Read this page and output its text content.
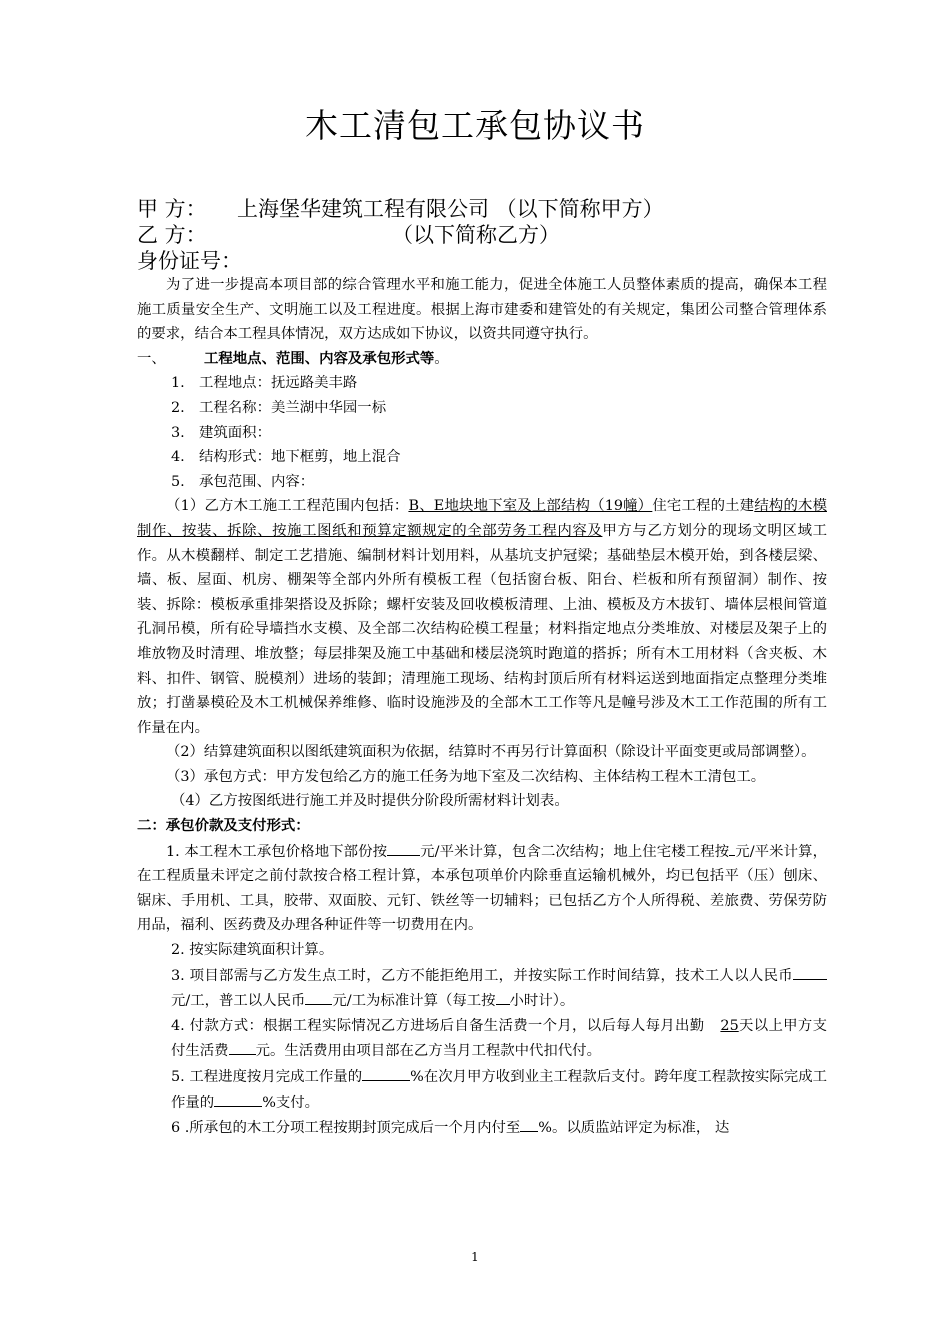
木工清包工承包协议书
甲 方： 上海堡华建筑工程有限公司 （以下简称甲方）
乙 方：	（以下简称乙方）
身份证号：

为了进一步提高本项目部的综合管理水平和施工能力，促进全体施工人员整体素质的提高，确保本工程施工质量安全生产、文明施工以及工程进度。根据上海市建委和建管处的有关规定，集团公司整合管理体系的要求，结合本工程具体情况，双方达成如下协议，以资共同遵守执行。

一、	工程地点、范围、内容及承包形式等。

1. 工程地点：抚远路美丰路

2. 工程名称：美兰湖中华园一标

3. 建筑面积：

4. 结构形式：地下框剪，地上混合

5. 承包范围、内容：

（1）乙方木工施工工程范围内包括：B、E地块地下室及上部结构（19幢）住宅工程的土建结构的木模制作、按装、拆除、按施工图纸和预算定额规定的全部劳务工程内容及甲方与乙方划分的现场文明区域工作。从木模翻样、制定工艺措施、编制材料计划用料，从基坑支护冠梁；基础垫层木模开始，到各楼层梁、墙、板、屋面、机房、棚架等全部内外所有模板工程（包括窗台板、阳台、栏板和所有预留洞）制作、按装、拆除：模板承重排架搭设及拆除；螺杆安装及回收模板清理、上油、模板及方木拔钉、墙体层根间管道孔洞吊模，所有砼导墙挡水支模、及全部二次结构砼模工程量；材料指定地点分类堆放、对楼层及架子上的堆放物及时清理、堆放整；每层排架及施工中基础和楼层浇筑时跑道的搭拆；所有木工用材料（含夹板、木料、扣件、钢管、脱模剂）进场的装卸；清理施工现场、结构封顶后所有材料运送到地面指定点整理分类堆放；打凿暴模砼及木工机械保养维修、临时设施涉及的全部木工工作等凡是幢号涉及木工工作范围的所有工作量在内。

（2）结算建筑面积以图纸建筑面积为依据，结算时不再另行计算面积（除设计平面变更或局部调整）。

（3）承包方式：甲方发包给乙方的施工任务为地下室及二次结构、主体结构工程木工清包工。

（4）乙方按图纸进行施工并及时提供分阶段所需材料计划表。

二：承包价款及支付形式：

1. 本工程木工承包价格地下部份按 元/平米计算，包含二次结构；地上住宅楼工程按 元/平米计算，在工程质量未评定之前付款按合格工程计算，本承包项单价内除垂直运输机械外，均已包括平（压）刨床、锯床、手用机、工具，胶带、双面胶、元钉、铁丝等一切辅料；已包括乙方个人所得税、差旅费、劳保劳防用品，福利、医药费及办理各种证件等一切费用在内。

2. 按实际建筑面积计算。

3. 项目部需与乙方发生点工时，乙方不能拒绝用工，并按实际工作时间结算，技术工人以人民币元/工，普工以人民币 元/工为标准计算（每工按 小时计）。

4. 付款方式：根据工程实际情况乙方进场后自备生活费一个月，以后每人每月出勤 25天以上甲方支付生活费 元。生活费用由项目部在乙方当月工程款中代扣代付。

5. 工程进度按月完成工作量的	%在次月甲方收到业主工程款后支付。跨年度工程款按实际完成工作量的	%支付。

6 .所承包的木工分项工程按期封顶完成后一个月内付至 %。以质监站评定为标准， 达

1
